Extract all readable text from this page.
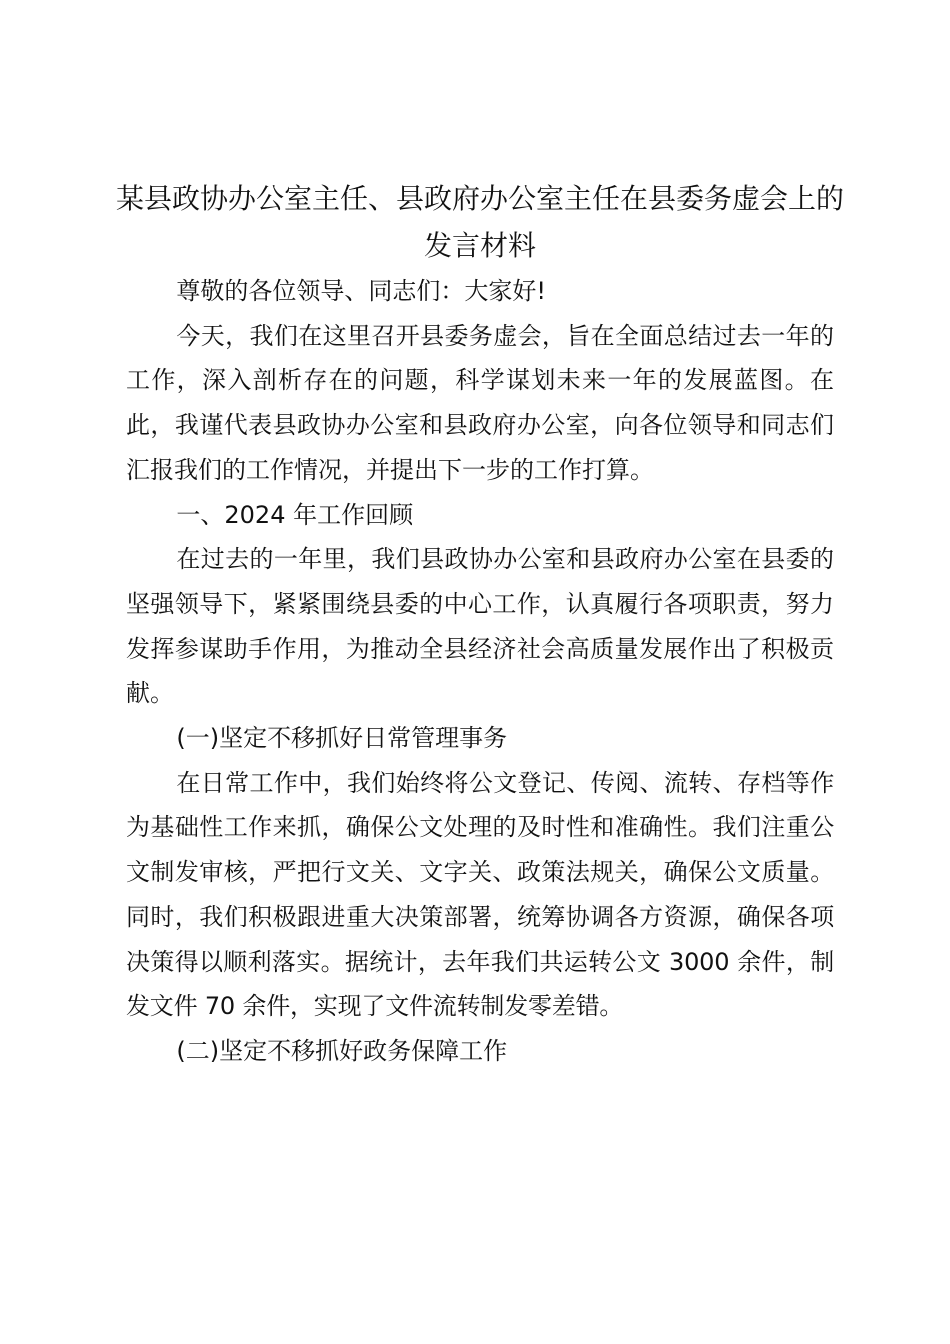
某县政协办公室主任、县政府办公室主任在县委务虚会上的发言材料

尊敬的各位领导、同志们：大家好!

今天，我们在这里召开县委务虚会，旨在全面总结过去一年的工作，深入剖析存在的问题，科学谋划未来一年的发展蓝图。在此，我谨代表县政协办公室和县政府办公室，向各位领导和同志们汇报我们的工作情况，并提出下一步的工作打算。

一、2024 年工作回顾

在过去的一年里，我们县政协办公室和县政府办公室在县委的坚强领导下，紧紧围绕县委的中心工作，认真履行各项职责，努力发挥参谋助手作用，为推动全县经济社会高质量发展作出了积极贡献。

(一)坚定不移抓好日常管理事务

在日常工作中，我们始终将公文登记、传阅、流转、存档等作为基础性工作来抓，确保公文处理的及时性和准确性。我们注重公文制发审核，严把行文关、文字关、政策法规关，确保公文质量。同时，我们积极跟进重大决策部署，统筹协调各方资源，确保各项决策得以顺利落实。据统计，去年我们共运转公文 3000 余件，制发文件 70 余件，实现了文件流转制发零差错。

(二)坚定不移抓好政务保障工作
